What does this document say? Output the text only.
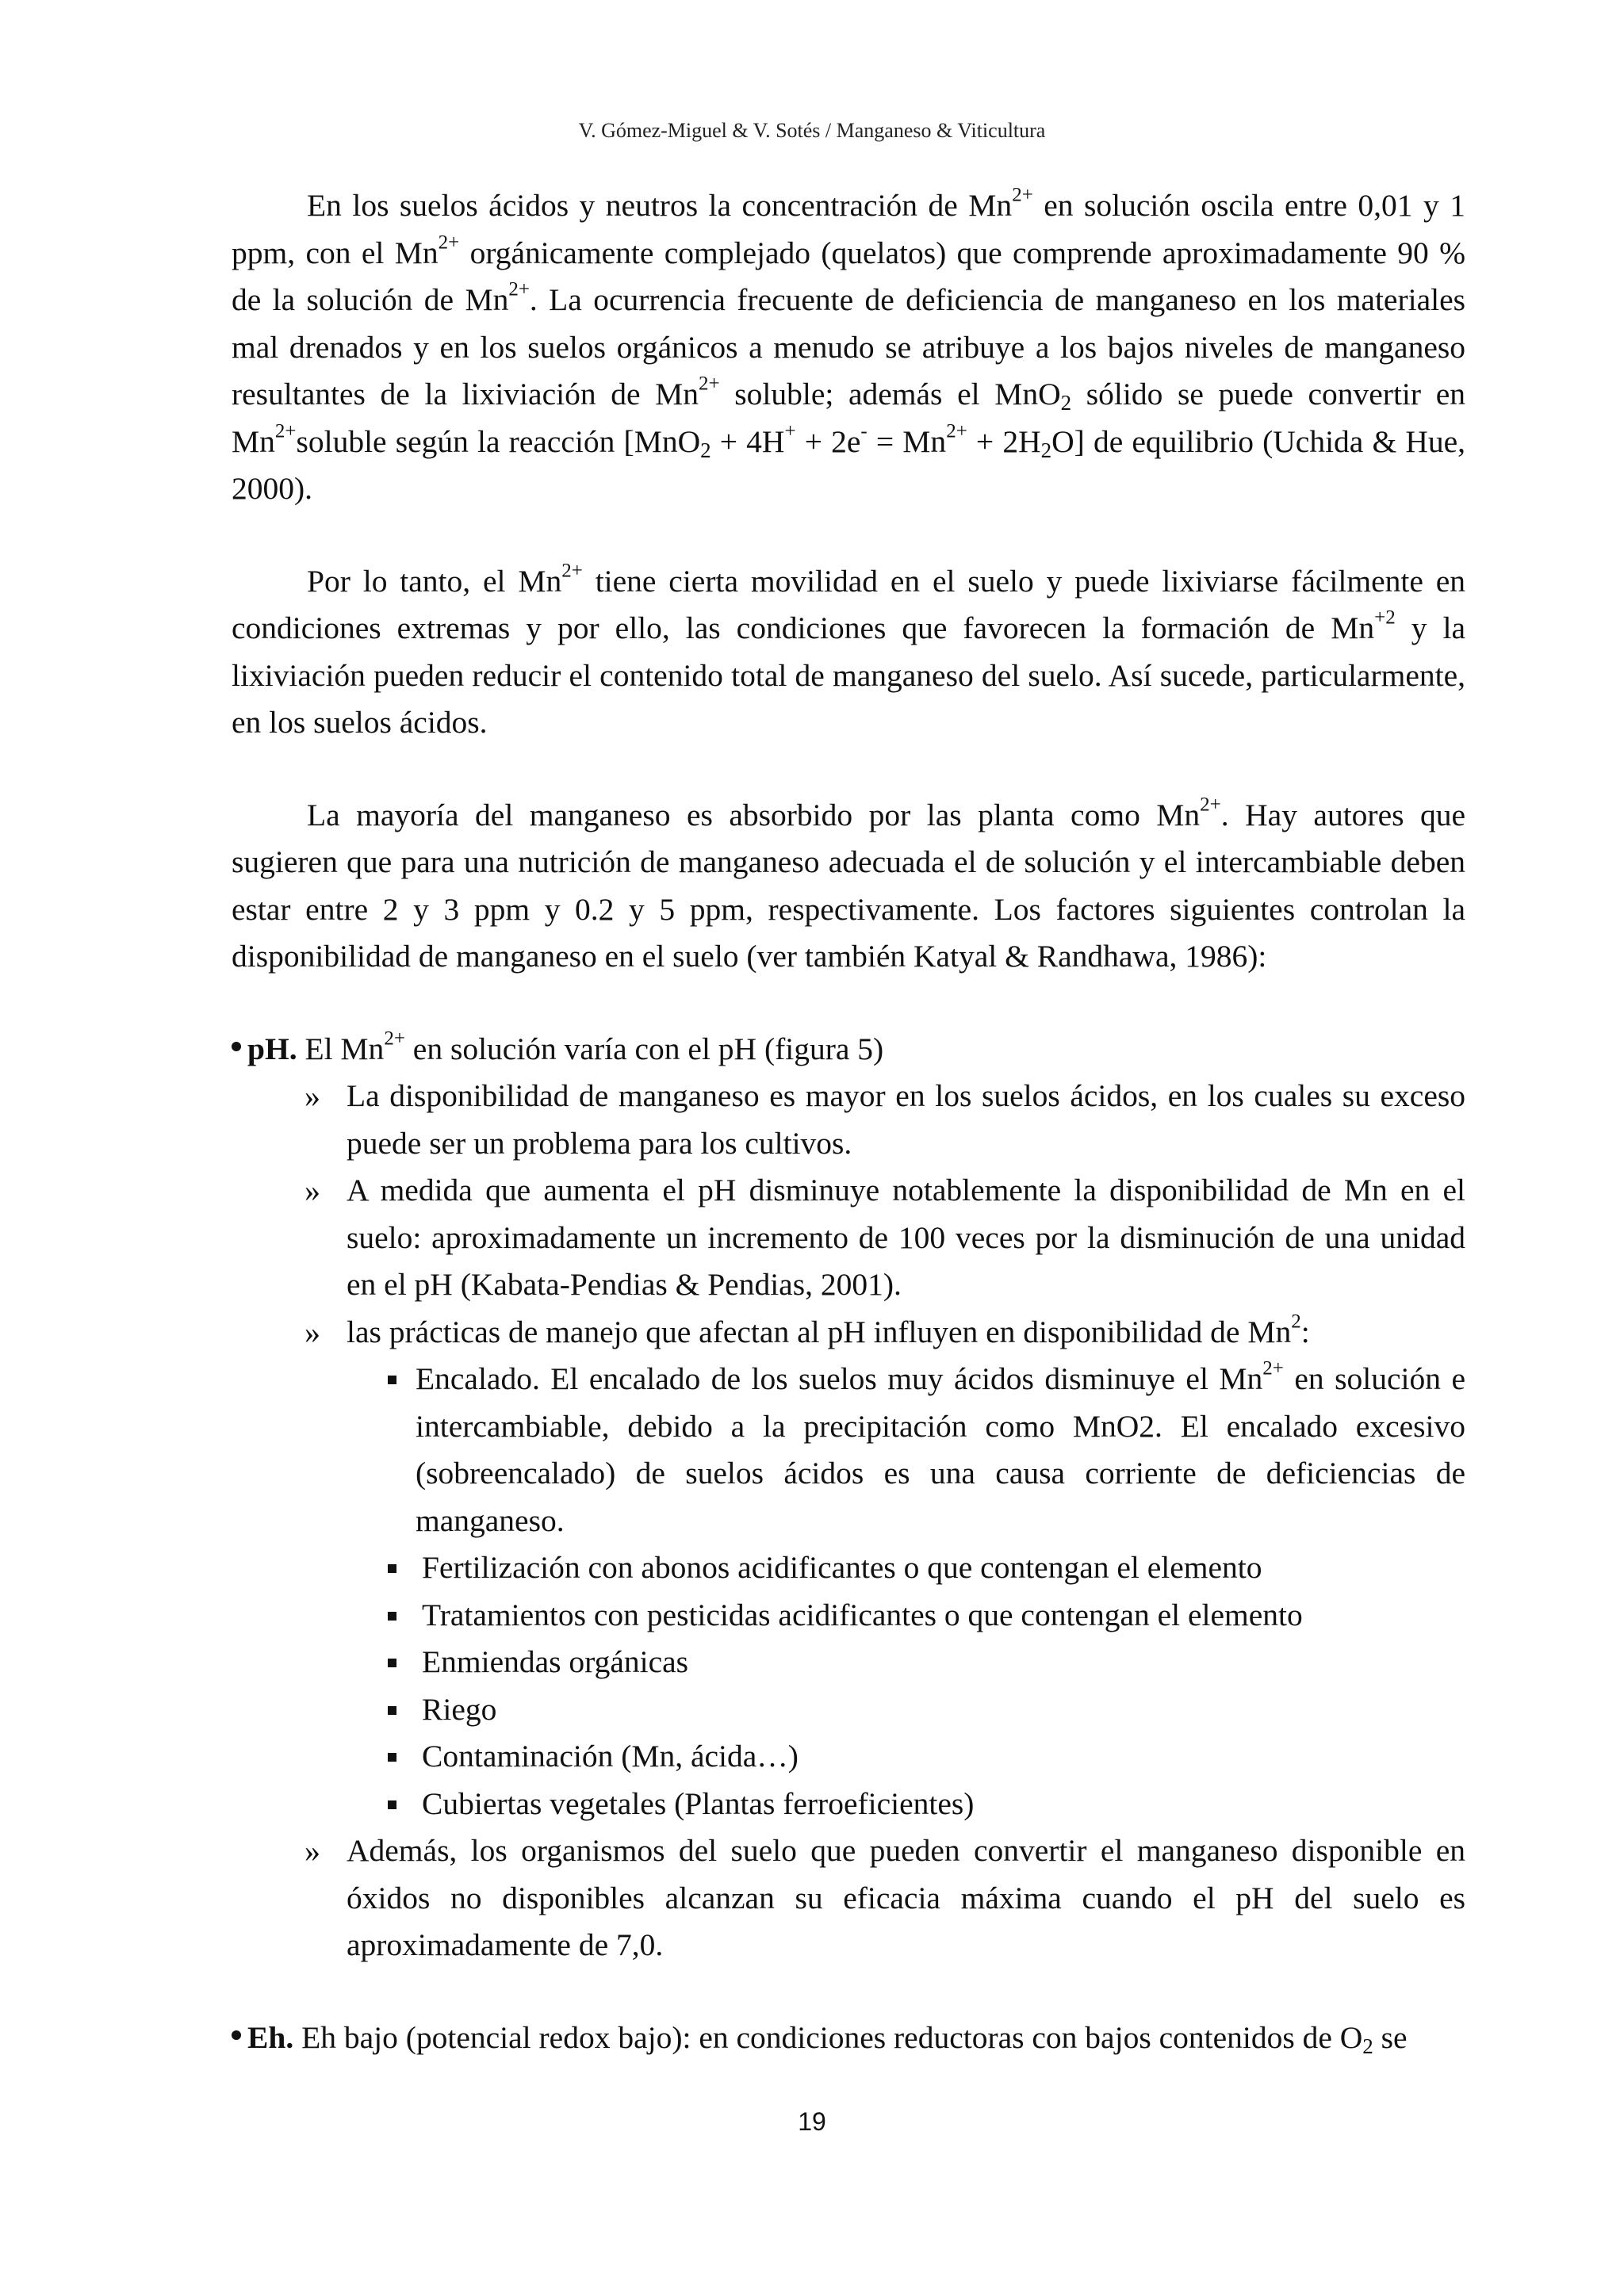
V. Gómez-Miguel & V. Sotés / Manganeso & Viticultura

En los suelos ácidos y neutros la concentración de $Mn^{2+}$ en solución oscila entre 0,01 y 1 ppm, con el $Mn^{2+}$ orgánicamente complejado (quelatos) que comprende aproximadamente 90 % de la solución de $Mn^{2+}$. La ocurrencia frecuente de deficiencia de manganeso en los materiales mal drenados y en los suelos orgánicos a menudo se atribuye a los bajos niveles de manganeso resultantes de la lixiviación de $Mn^{2+}$ soluble; además el MnO$_2$ sólido se puede convertir en $Mn^{2+}soluble$ según la reacción $[MnO_2 + 4H^+ + 2e^- = Mn^{2+} + 2H_2O]$ de equilibrio (Uchida & Hue, 2000).

Por lo tanto, el $Mn^{2+}$ tiene cierta movilidad en el suelo y puede lixiviarse fácilmente en condiciones extremas y por ello, las condiciones que favorecen la formación de $Mn^{+2}$ y la lixiviación pueden reducir el contenido total de manganeso del suelo. Así sucede, particularmente, en los suelos ácidos.

La mayoría del manganeso es absorbido por las planta como $Mn^{2+}$. Hay autores que sugieren que para una nutrición de manganeso adecuada el de solución y el intercambiable deben estar entre 2 y 3 ppm y 0.2 y 5 ppm, respectivamente. Los factores siguientes controlan la disponibilidad de manganeso en el suelo (ver también Katyal & Randhawa, 1986):

pH. El $Mn^{2+}$ en solución varía con el pH (figura 5)

» La disponibilidad de manganeso es mayor en los suelos ácidos, en los cuales su exceso puede ser un problema para los cultivos.

» A medida que aumenta el pH disminuye notablemente la disponibilidad de Mn en el suelo: aproximadamente un incremento de 100 veces por la disminución de una unidad en el pH (Kabata-Pendias & Pendias, 2001).

» las prácticas de manejo que afectan al pH influyen en disponibilidad de Mn$^2$:

Encalado. El encalado de los suelos muy ácidos disminuye el $Mn^{2+}$ en solución e intercambiable, debido a la precipitación como MnO2. El encalado excesivo (sobreencalado) de suelos ácidos es una causa corriente de deficiencias de manganeso.

Fertilización con abonos acidificantes o que contengan el elemento

Tratamientos con pesticidas acidificantes o que contengan el elemento

Enmiendas orgánicas

Riego

Contaminación (Mn, ácida…)

Cubiertas vegetales (Plantas ferroeficientes)

» Además, los organismos del suelo que pueden convertir el manganeso disponible en óxidos no disponibles alcanzan su eficacia máxima cuando el pH del suelo es aproximadamente de 7,0.

Eh. Eh bajo (potencial redox bajo): en condiciones reductoras con bajos contenidos de $O_2$ se

19
